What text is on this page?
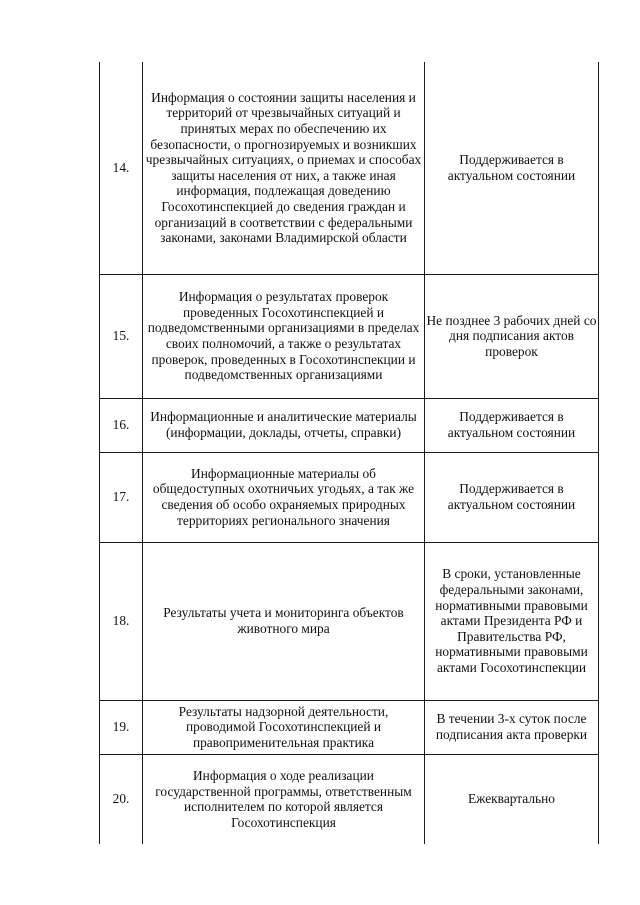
14.	Информация о состоянии защиты населения и территорий от чрезвычайных ситуаций и принятых мерах по обеспечению их безопасности, о прогнозируемых и возникших чрезвычайных ситуациях, о приемах и способах защиты населения от них, а также иная информация, подлежащая доведению Госохотинспекцией до сведения граждан и организаций в соответствии с федеральными законами, законами Владимирской области	Поддерживается в актуальном состоянии
15.	Информация о результатах проверок проведенных Госохотинспекцией и подведомственными организациями в пределах своих полномочий, а также о результатах проверок, проведенных в Госохотинспекции и подведомственных организациями	Не позднее 3 рабочих дней со дня подписания актов проверок
16.	Информационные и аналитические материалы (информации, доклады, отчеты, справки)	Поддерживается в актуальном состоянии
17.	Информационные материалы об общедоступных охотничьих угодьях, а так же сведения об особо охраняемых природных территориях регионального значения	Поддерживается в актуальном состоянии
18.	Результаты учета и мониторинга объектов животного мира	В сроки, установленные федеральными законами, нормативными правовыми актами Президента РФ и Правительства РФ, нормативными правовыми актами Госохотинспекции
19.	Результаты надзорной деятельности, проводимой Госохотинспекцией и правоприменительная практика	В течении 3-х суток после подписания акта проверки
20.	Информация о ходе реализации государственной программы, ответственным исполнителем по которой является Госохотинспекция	Ежеквартально
